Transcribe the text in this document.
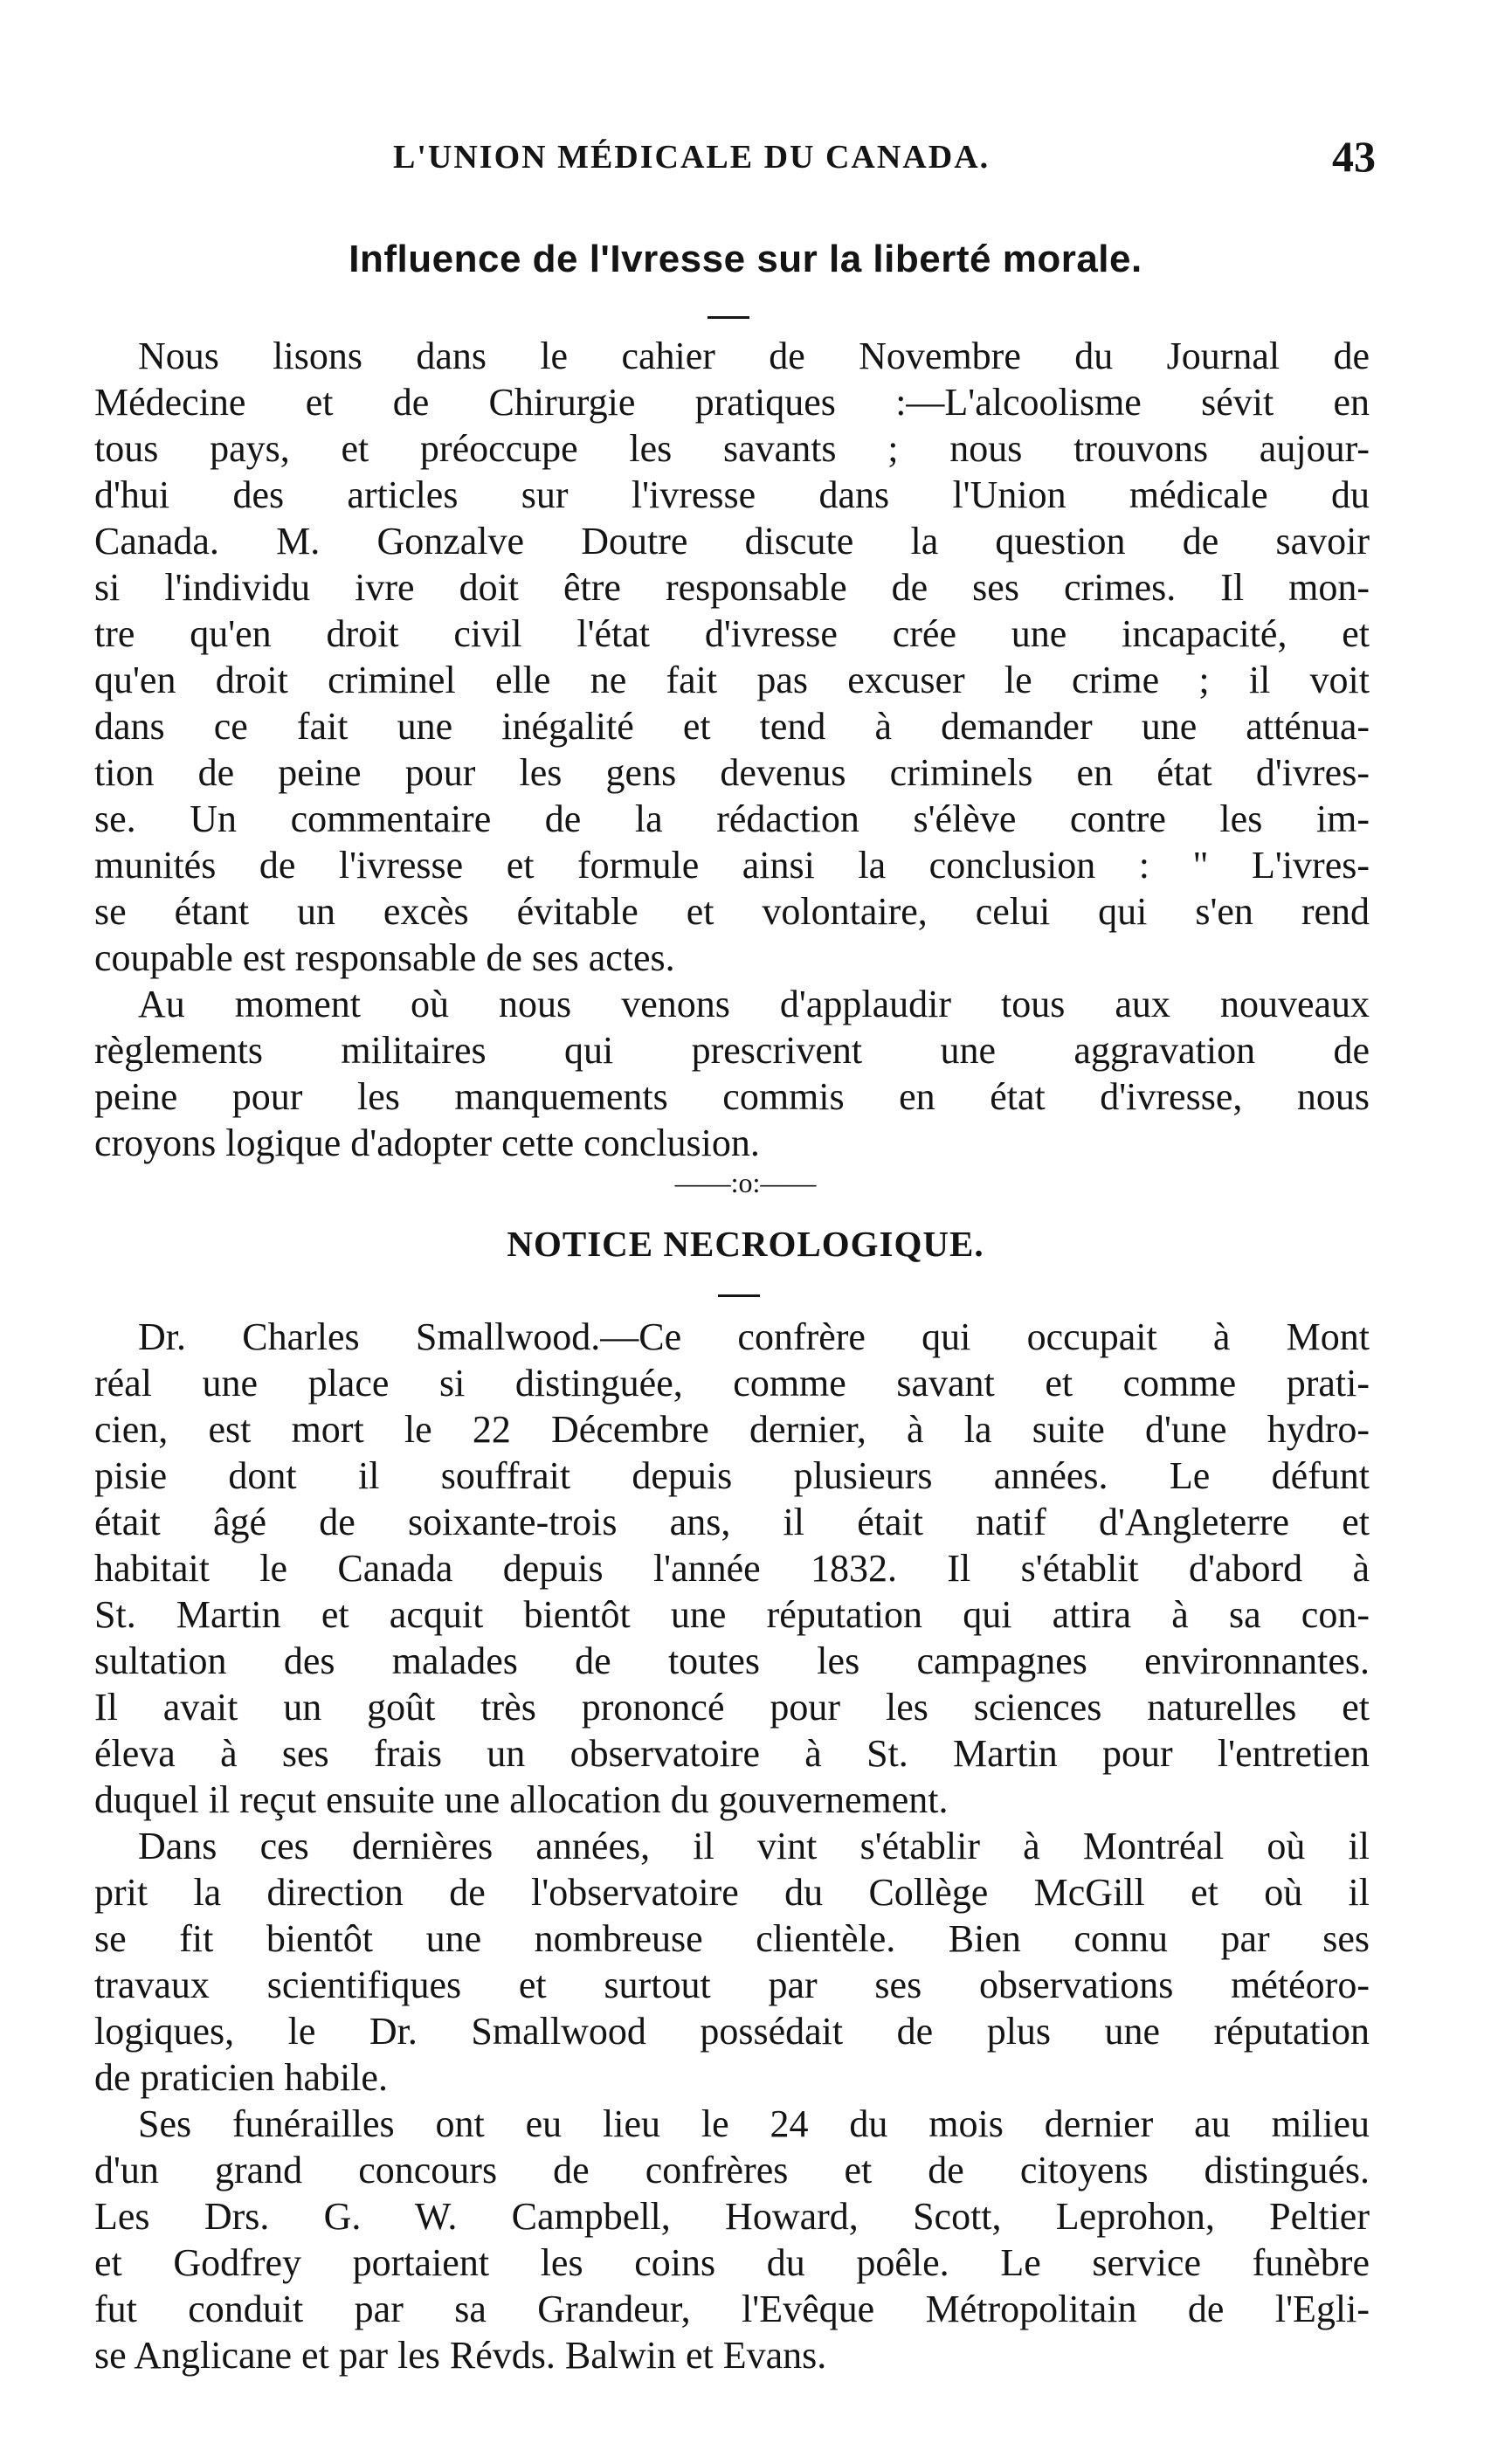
L'UNION MÉDICALE DU CANADA.	43
Influence de l'Ivresse sur la liberté morale.
Nous lisons dans le cahier de Novembre du Journal de
Médecine et de Chirurgie pratiques :—L'alcoolisme sévit en
tous pays, et préoccupe les savants ; nous trouvons aujour-
d'hui des articles sur l'ivresse dans l'Union médicale du
Canada. M. Gonzalve Doutre discute la question de savoir
si l'individu ivre doit être responsable de ses crimes. Il mon-
tre qu'en droit civil l'état d'ivresse crée une incapacité, et
qu'en droit criminel elle ne fait pas excuser le crime ; il voit
dans ce fait une inégalité et tend à demander une atténua-
tion de peine pour les gens devenus criminels en état d'ivres-
se. Un commentaire de la rédaction s'élève contre les im-
munités de l'ivresse et formule ainsi la conclusion : " L'ivres-
se étant un excès évitable et volontaire, celui qui s'en rend
coupable est responsable de ses actes.
Au moment où nous venons d'applaudir tous aux nouveaux
règlements militaires qui prescrivent une aggravation de
peine pour les manquements commis en état d'ivresse, nous
croyons logique d'adopter cette conclusion.
——:o:——
NOTICE NECROLOGIQUE.
Dr. Charles Smallwood.—Ce confrère qui occupait à Mont
réal une place si distinguée, comme savant et comme prati-
cien, est mort le 22 Décembre dernier, à la suite d'une hydro-
pisie dont il souffrait depuis plusieurs années. Le défunt
était âgé de soixante-trois ans, il était natif d'Angleterre et
habitait le Canada depuis l'année 1832. Il s'établit d'abord à
St. Martin et acquit bientôt une réputation qui attira à sa con-
sultation des malades de toutes les campagnes environnantes.
Il avait un goût très prononcé pour les sciences naturelles et
éleva à ses frais un observatoire à St. Martin pour l'entretien
duquel il reçut ensuite une allocation du gouvernement.
Dans ces dernières années, il vint s'établir à Montréal où il
prit la direction de l'observatoire du Collège McGill et où il
se fit bientôt une nombreuse clientèle. Bien connu par ses
travaux scientifiques et surtout par ses observations météoro-
logiques, le Dr. Smallwood possédait de plus une réputation
de praticien habile.
Ses funérailles ont eu lieu le 24 du mois dernier au milieu
d'un grand concours de confrères et de citoyens distingués.
Les Drs. G. W. Campbell, Howard, Scott, Leprohon, Peltier
et Godfrey portaient les coins du poêle. Le service funèbre
fut conduit par sa Grandeur, l'Evêque Métropolitain de l'Egli-
se Anglicane et par les Révds. Balwin et Evans.
